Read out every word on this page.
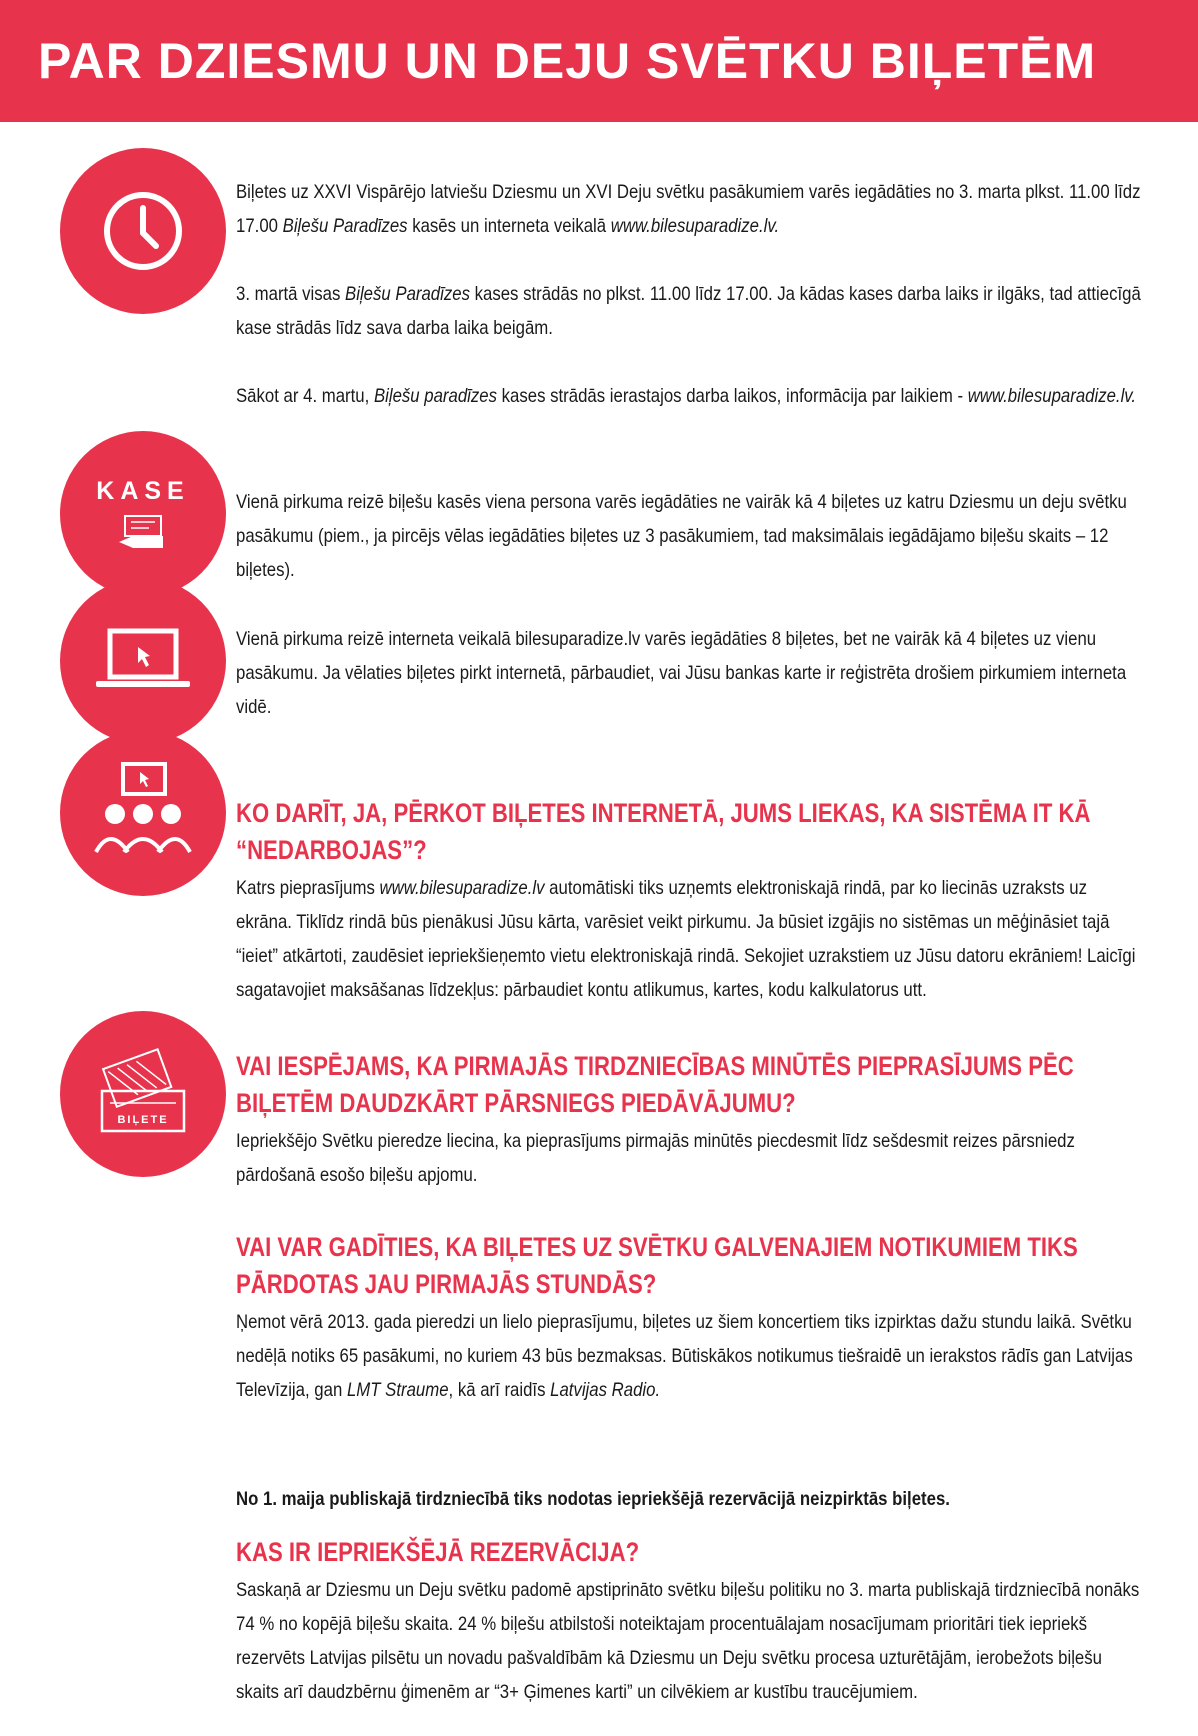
PAR DZIESMU UN DEJU SVĒTKU BIĻETĒM
KASE
BIĻETE

Biļetes uz XXVI Vispārējo latviešu Dziesmu un XVI Deju svētku pasākumiem varēs iegādāties no 3. marta plkst. 11.00 līdz 17.00 Biļešu Paradīzes kasēs un interneta veikalā www.bilesuparadize.lv.

3. martā visas Biļešu Paradīzes kases strādās no plkst. 11.00 līdz 17.00. Ja kādas kases darba laiks ir ilgāks, tad attiecīgā kase strādās līdz sava darba laika beigām.

Sākot ar 4. martu, Biļešu paradīzes kases strādās ierastajos darba laikos, informācija par laikiem - www.bilesuparadize.lv.

Vienā pirkuma reizē biļešu kasēs viena persona varēs iegādāties ne vairāk kā 4 biļetes uz katru Dziesmu un deju svētku pasākumu (piem., ja pircējs vēlas iegādāties biļetes uz 3 pasākumiem, tad maksimālais iegādājamo biļešu skaits – 12 biļetes).

Vienā pirkuma reizē interneta veikalā bilesuparadize.lv varēs iegādāties 8 biļetes, bet ne vairāk kā 4 biļetes uz vienu pasākumu. Ja vēlaties biļetes pirkt internetā, pārbaudiet, vai Jūsu bankas karte ir reģistrēta drošiem pirkumiem interneta vidē.

KO DARĪT, JA, PĒRKOT BIĻETES INTERNETĀ, JUMS LIEKAS, KA SISTĒMA IT KĀ “NEDARBOJAS”?

Katrs pieprasījums www.bilesuparadize.lv automātiski tiks uzņemts elektroniskajā rindā, par ko liecinās uzraksts uz ekrāna. Tiklīdz rindā būs pienākusi Jūsu kārta, varēsiet veikt pirkumu. Ja būsiet izgājis no sistēmas un mēģināsiet tajā “ieiet” atkārtoti, zaudēsiet iepriekšieņemto vietu elektroniskajā rindā. Sekojiet uzrakstiem uz Jūsu datoru ekrāniem! Laicīgi sagatavojiet maksāšanas līdzekļus: pārbaudiet kontu atlikumus, kartes, kodu kalkulatorus utt.

VAI IESPĒJAMS, KA PIRMAJĀS TIRDZNIECĪBAS MINŪTĒS PIEPRASĪJUMS PĒC BIĻETĒM DAUDZKĀRT PĀRSNIEGS PIEDĀVĀJUMU?

Iepriekšējo Svētku pieredze liecina, ka pieprasījums pirmajās minūtēs piecdesmit līdz sešdesmit reizes pārsniedz pārdošanā esošo biļešu apjomu.

VAI VAR GADĪTIES, KA BIĻETES UZ SVĒTKU GALVENAJIEM NOTIKUMIEM TIKS PĀRDOTAS JAU PIRMAJĀS STUNDĀS?

Ņemot vērā 2013. gada pieredzi un lielo pieprasījumu, biļetes uz šiem koncertiem tiks izpirktas dažu stundu laikā. Svētku nedēļā notiks 65 pasākumi, no kuriem 43 būs bezmaksas. Būtiskākos notikumus tiešraidē un ierakstos rādīs gan Latvijas Televīzija, gan LMT Straume, kā arī raidīs Latvijas Radio.

No 1. maija publiskajā tirdzniecībā tiks nodotas iepriekšējā rezervācijā neizpirktās biļetes.

KAS IR IEPRIEKŠĒJĀ REZERVĀCIJA?

Saskaņā ar Dziesmu un Deju svētku padomē apstiprināto svētku biļešu politiku no 3. marta publiskajā tirdzniecībā nonāks 74 % no kopējā biļešu skaita. 24 % biļešu atbilstoši noteiktajam procentuālajam nosacījumam prioritāri tiek iepriekš rezervēts Latvijas pilsētu un novadu pašvaldībām kā Dziesmu un Deju svētku procesa uzturētājām, ierobežots biļešu skaits arī daudzbērnu ģimenēm ar “3+ Ģimenes karti” un cilvēkiem ar kustību traucējumiem.
